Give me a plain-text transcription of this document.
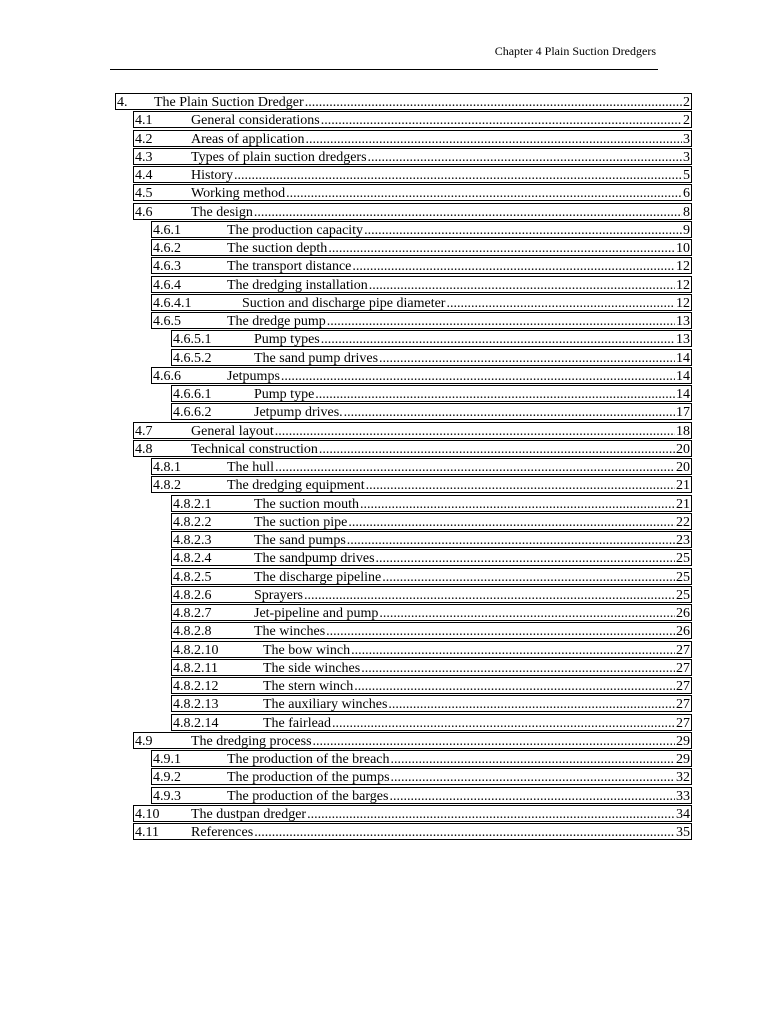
Chapter 4 Plain Suction Dredgers
4.	The Plain Suction Dredger .....	2
4.1	General considerations .....	2
4.2	Areas of application .....	3
4.3	Types of plain suction dredgers .....	3
4.4	History .....	5
4.5	Working method .....	6
4.6	The design .....	8
4.6.1	The production capacity .....	9
4.6.2	The suction depth .....	10
4.6.3	The transport distance .....	12
4.6.4	The dredging installation .....	12
4.6.4.1	Suction and discharge pipe diameter .....	12
4.6.5	The dredge pump .....	13
4.6.5.1	Pump types .....	13
4.6.5.2	The sand pump drives .....	14
4.6.6	Jetpumps .....	14
4.6.6.1	Pump type .....	14
4.6.6.2	Jetpump drives. .....	17
4.7	General layout .....	18
4.8	Technical construction .....	20
4.8.1	The hull .....	20
4.8.2	The dredging equipment .....	21
4.8.2.1	The suction mouth .....	21
4.8.2.2	The suction pipe .....	22
4.8.2.3	The sand pumps .....	23
4.8.2.4	The sandpump drives .....	25
4.8.2.5	The discharge pipeline .....	25
4.8.2.6	Sprayers .....	25
4.8.2.7	Jet-pipeline and pump .....	26
4.8.2.8	The winches .....	26
4.8.2.10	The bow winch .....	27
4.8.2.11	The side winches .....	27
4.8.2.12	The stern winch .....	27
4.8.2.13	The auxiliary winches .....	27
4.8.2.14	The fairlead .....	27
4.9	The dredging process .....	29
4.9.1	The production of the breach .....	29
4.9.2	The production of the pumps .....	32
4.9.3	The production of the barges .....	33
4.10	The dustpan dredger .....	34
4.11	References .....	35
